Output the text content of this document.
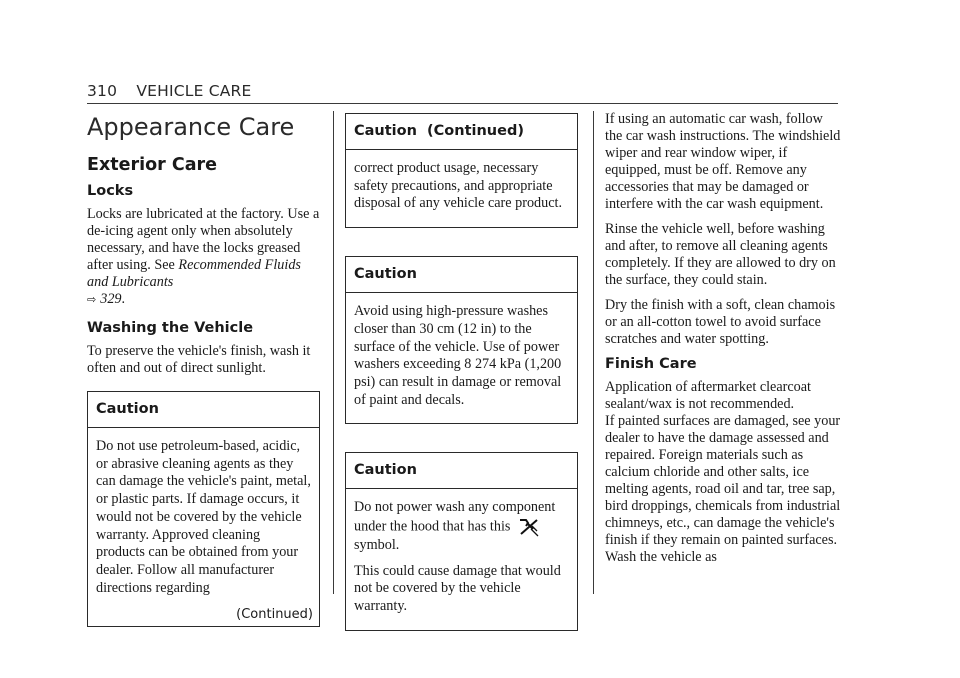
310 VEHICLE CARE
Appearance Care
Exterior Care
Locks

Locks are lubricated at the factory. Use a de-icing agent only when absolutely necessary, and have the locks greased after using. See Recommended Fluids and Lubricants
⇨ 329.

Washing the Vehicle

To preserve the vehicle's finish, wash it often and out of direct sunlight.

Caution

Do not use petroleum-based, acidic, or abrasive cleaning agents as they can damage the vehicle's paint, metal, or plastic parts. If damage occurs, it would not be covered by the vehicle warranty. Approved cleaning products can be obtained from your dealer. Follow all manufacturer directions regarding

(Continued)
Caution  (Continued)

correct product usage, necessary safety precautions, and appropriate disposal of any vehicle care product.

Caution

Avoid using high-pressure washes closer than 30 cm (12 in) to the surface of the vehicle. Use of power washers exceeding 8 274 kPa (1,200 psi) can result in damage or removal of paint and decals.

Caution

Do not power wash any component under the hood that has this
symbol.

This could cause damage that would not be covered by the vehicle warranty.

If using an automatic car wash, follow the car wash instructions. The windshield wiper and rear window wiper, if equipped, must be off. Remove any accessories that may be damaged or interfere with the car wash equipment.

Rinse the vehicle well, before washing and after, to remove all cleaning agents completely. If they are allowed to dry on the surface, they could stain.

Dry the finish with a soft, clean chamois or an all-cotton towel to avoid surface scratches and water spotting.

Finish Care

Application of aftermarket clearcoat sealant/wax is not recommended.

If painted surfaces are damaged, see your dealer to have the damage assessed and repaired. Foreign materials such as calcium chloride and other salts, ice melting agents, road oil and tar, tree sap, bird droppings, chemicals from industrial chimneys, etc., can damage the vehicle's finish if they remain on painted surfaces. Wash the vehicle as
